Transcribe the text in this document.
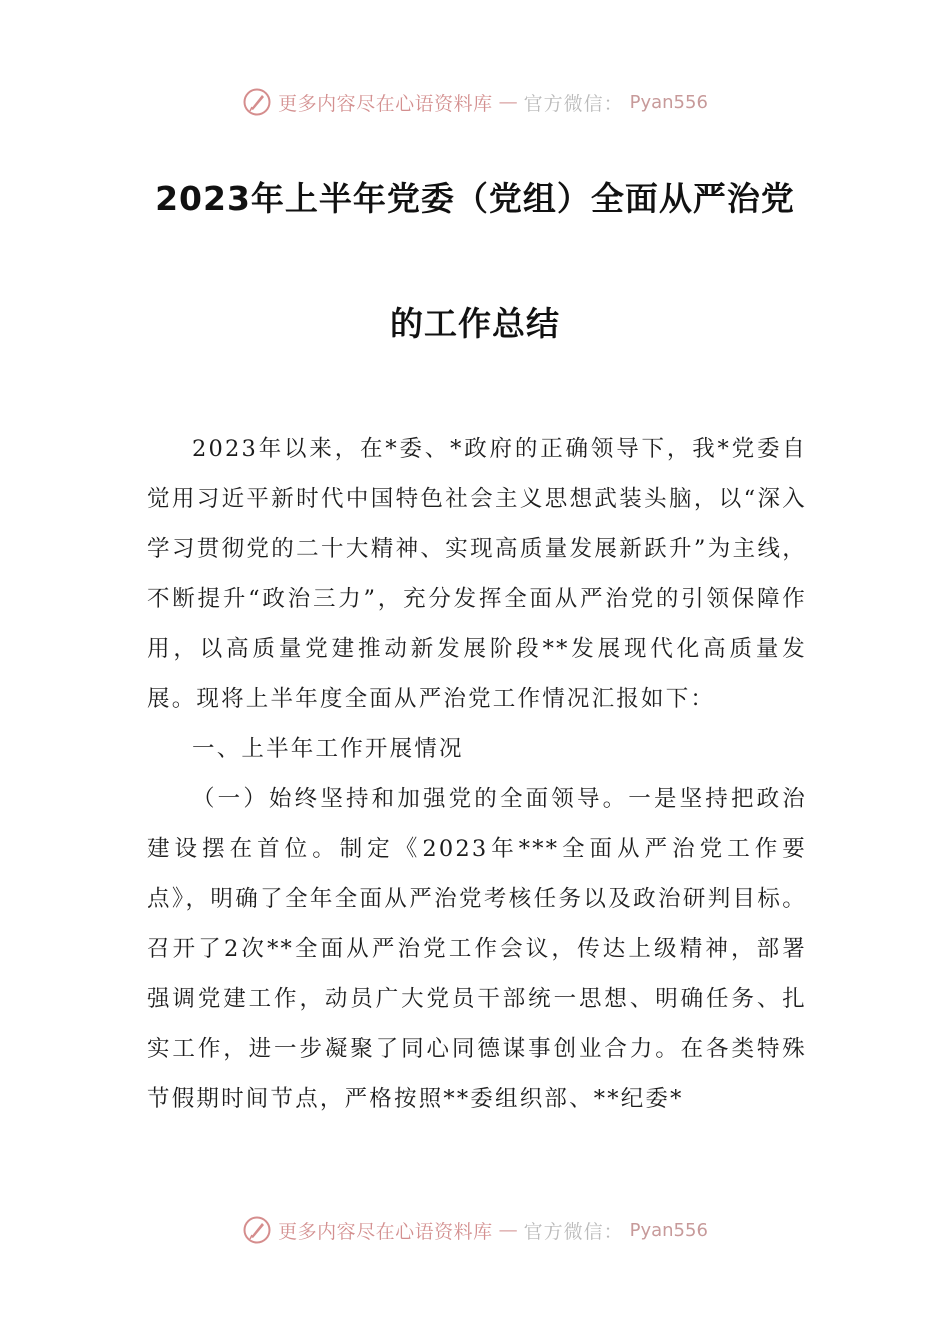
更多内容尽在心语资料库 — 官方微信： Pyan556
2023年上半年党委（党组）全面从严治党
的工作总结

2023年以来，在*委、*政府的正确领导下，我*党委自觉用习近平新时代中国特色社会主义思想武装头脑，以“深入学习贯彻党的二十大精神、实现高质量发展新跃升”为主线，不断提升“政治三力”，充分发挥全面从严治党的引领保障作用，以高质量党建推动新发展阶段**发展现代化高质量发展。现将上半年度全面从严治党工作情况汇报如下：

一、上半年工作开展情况

（一）始终坚持和加强党的全面领导。一是坚持把政治建设摆在首位。制定《2023年***全面从严治党工作要点》，明确了全年全面从严治党考核任务以及政治研判目标。召开了2次**全面从严治党工作会议，传达上级精神，部署强调党建工作，动员广大党员干部统一思想、明确任务、扎实工作，进一步凝聚了同心同德谋事创业合力。在各类特殊节假期时间节点，严格按照**委组织部、**纪委*

更多内容尽在心语资料库 — 官方微信： Pyan556
